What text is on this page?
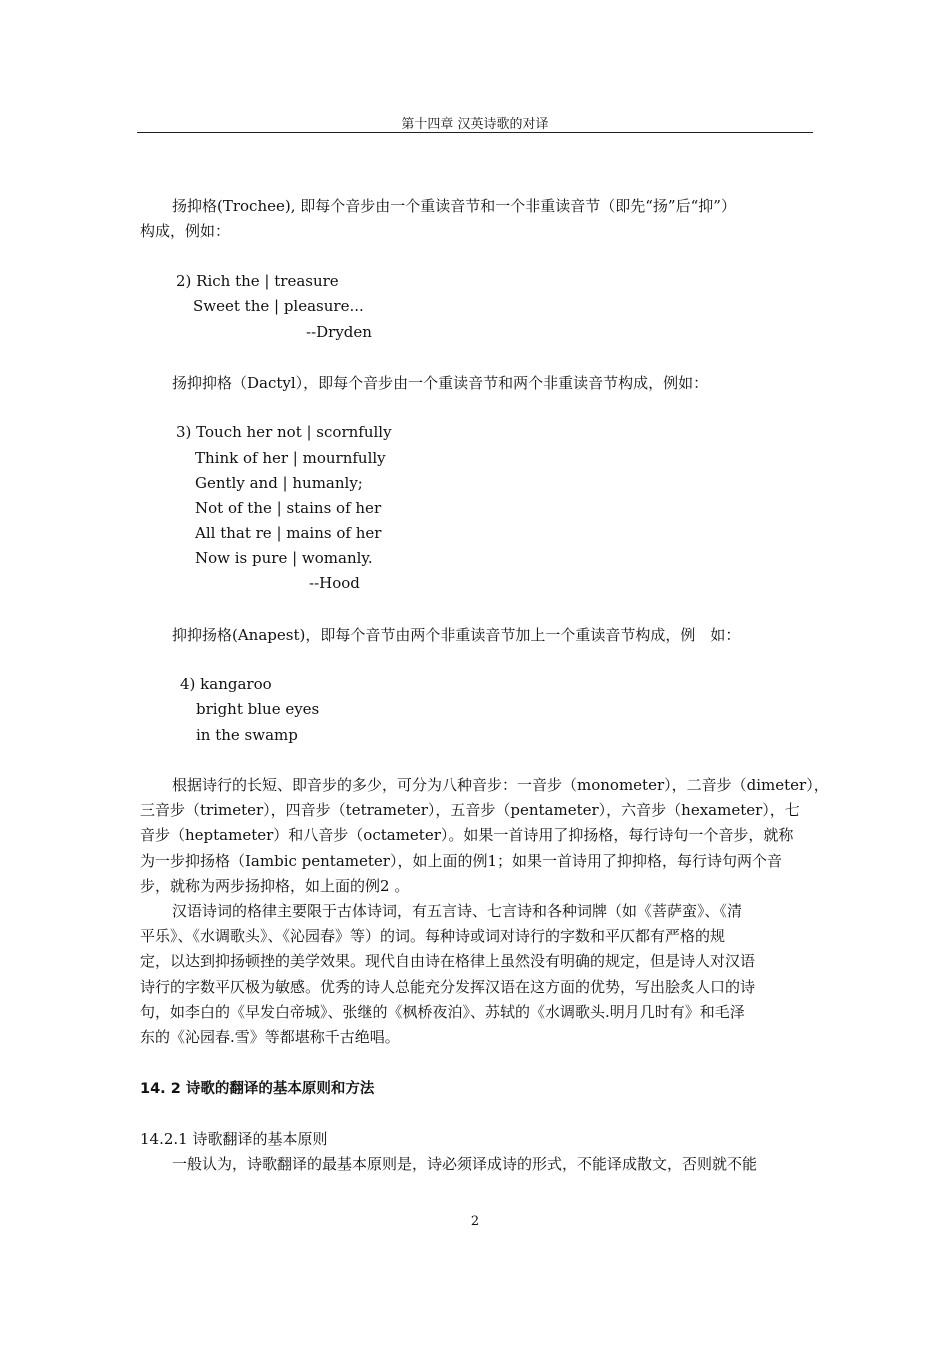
第十四章 汉英诗歌的对译
扬抑格(Trochee), 即每个音步由一个重读音节和一个非重读音节（即先“扬”后“抑”）
构成，例如：
2) Rich the | treasure
Sweet the | pleasure...
--Dryden
扬抑抑格（Dactyl），即每个音步由一个重读音节和两个非重读音节构成，例如：
3) Touch her not | scornfully
Think of her | mournfully
Gently and | humanly;
Not of the | stains of her
All that re | mains of her
Now is pure | womanly.
--Hood
抑抑扬格(Anapest)，即每个音节由两个非重读音节加上一个重读音节构成，例　如：
4) kangaroo
bright blue eyes
in the swamp
根据诗行的长短、即音步的多少，可分为八种音步：一音步（monometer），二音步（dimeter），
三音步（trimeter），四音步（tetrameter），五音步（pentameter），六音步（hexameter），七
音步（heptameter）和八音步（octameter）。如果一首诗用了抑扬格，每行诗句一个音步，就称
为一步抑扬格（Iambic pentameter），如上面的例1；如果一首诗用了抑抑格，每行诗句两个音
步，就称为两步扬抑格，如上面的例2 。
汉语诗词的格律主要限于古体诗词，有五言诗、七言诗和各种词牌（如《菩萨蛮》、《清
平乐》、《水调歌头》、《沁园春》等）的词。每种诗或词对诗行的字数和平仄都有严格的规
定，以达到抑扬顿挫的美学效果。现代自由诗在格律上虽然没有明确的规定，但是诗人对汉语
诗行的字数平仄极为敏感。优秀的诗人总能充分发挥汉语在这方面的优势，写出脍炙人口的诗
句，如李白的《早发白帝城》、张继的《枫桥夜泊》、苏轼的《水调歌头.明月几时有》和毛泽
东的《沁园春.雪》等都堪称千古绝唱。
14. 2 诗歌的翻译的基本原则和方法
14.2.1 诗歌翻译的基本原则
一般认为，诗歌翻译的最基本原则是，诗必须译成诗的形式，不能译成散文，否则就不能
2
